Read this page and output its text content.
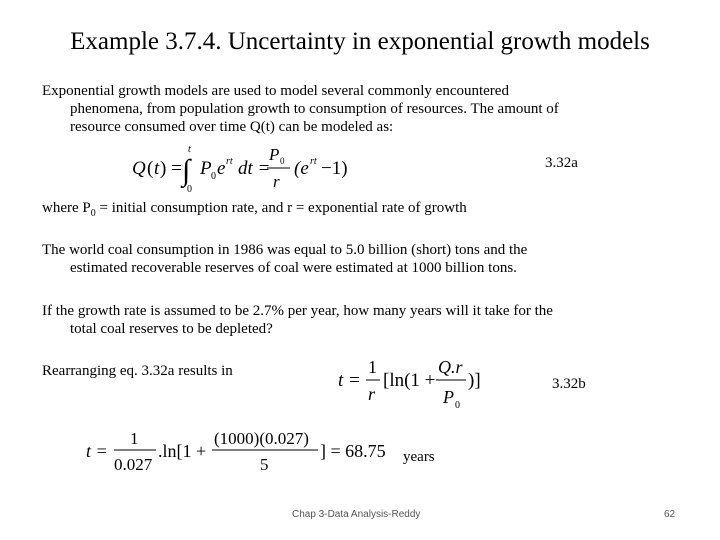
Example 3.7.4. Uncertainty in exponential growth models
Exponential growth models are used to model several commonly encountered
phenomena, from population growth to consumption of resources. The amount of
resource consumed over time Q(t) can be modeled as:
Q ( t ) = ∫
t
0
P 0 e rt dt =
P 0
r
(e rt −1)	3.32a
where $P_0$ = initial consumption rate, and r = exponential rate of growth
The world coal consumption in 1986 was equal to 5.0 billion (short) tons and the
estimated recoverable reserves of coal were estimated at 1000 billion tons.
If the growth rate is assumed to be 2.7% per year, how many years will it take for the
total coal reserves to be depleted?
Rearranging eq. 3.32a results in	t =
1
r
[ln(1 +
Q.r
P 0
)]	3.32b
t =
1
0.027
.ln[1 +
(1000)(0.027)
5
] = 68.75 years
Chap 3-Data Analysis-Reddy	62
